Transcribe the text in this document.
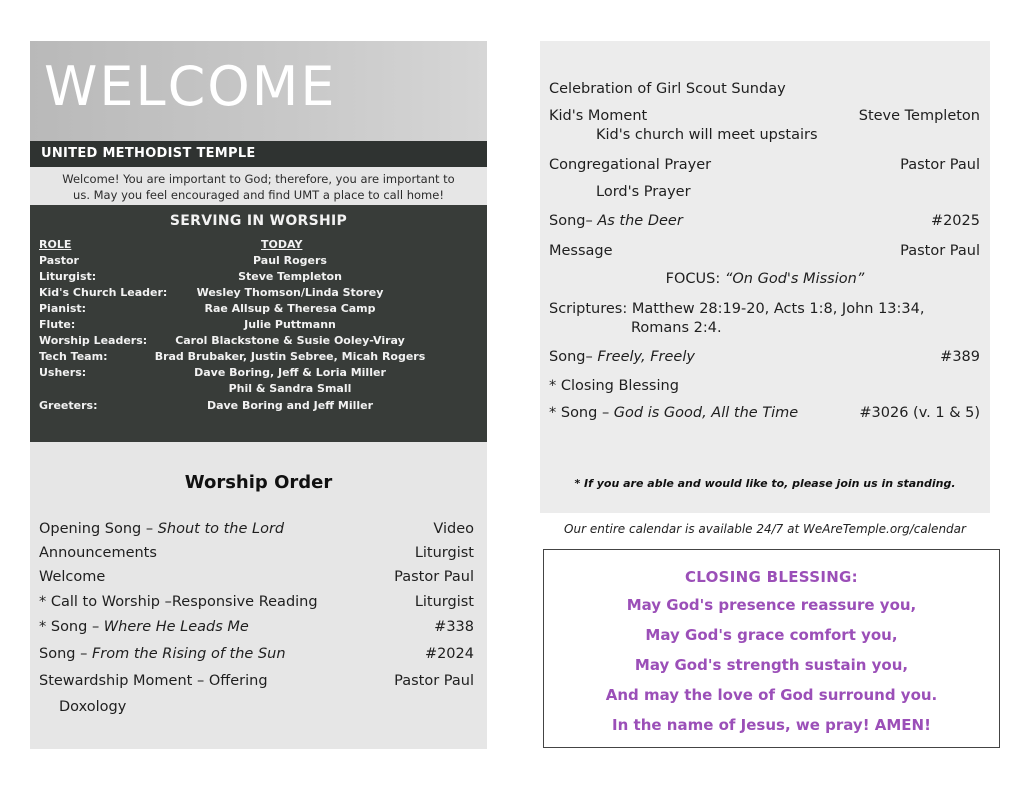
WELCOME
UNITED METHODIST TEMPLE
Welcome! You are important to God; therefore, you are important to
us. May you feel encouraged and find UMT a place to call home!
SERVING IN WORSHIP
ROLE	TODAY
Pastor	Paul Rogers
Liturgist:	Steve Templeton
Kid's Church Leader:	Wesley Thomson/Linda Storey
Pianist:	Rae Allsup & Theresa Camp
Flute:	Julie Puttmann
Worship Leaders:	Carol Blackstone & Susie Ooley-Viray
Tech Team:	Brad Brubaker, Justin Sebree, Micah Rogers
Ushers:	Dave Boring, Jeff & Loria Miller
Phil & Sandra Small
Greeters:	Dave Boring and Jeff Miller
Worship Order
Opening Song – Shout to the Lord	Video
Announcements	Liturgist
Welcome	Pastor Paul
* Call to Worship –Responsive Reading	Liturgist
* Song – Where He Leads Me	#338
Song – From the Rising of the Sun	#2024
Stewardship Moment – Offering	Pastor Paul
Doxology
Celebration of Girl Scout Sunday
Kid's Moment	Steve Templeton
Kid's church will meet upstairs
Congregational Prayer	Pastor Paul
Lord's Prayer
Song– As the Deer	#2025
Message	Pastor Paul
FOCUS: “On God's Mission”
Scriptures: Matthew 28:19-20, Acts 1:8, John 13:34,
Romans 2:4.
Song– Freely, Freely	#389
* Closing Blessing
* Song – God is Good, All the Time	#3026 (v. 1 & 5)
* If you are able and would like to, please join us in standing.
Our entire calendar is available 24/7 at WeAreTemple.org/calendar
CLOSING BLESSING:
May God's presence reassure you,
May God's grace comfort you,
May God's strength sustain you,
And may the love of God surround you.
In the name of Jesus, we pray! AMEN!
